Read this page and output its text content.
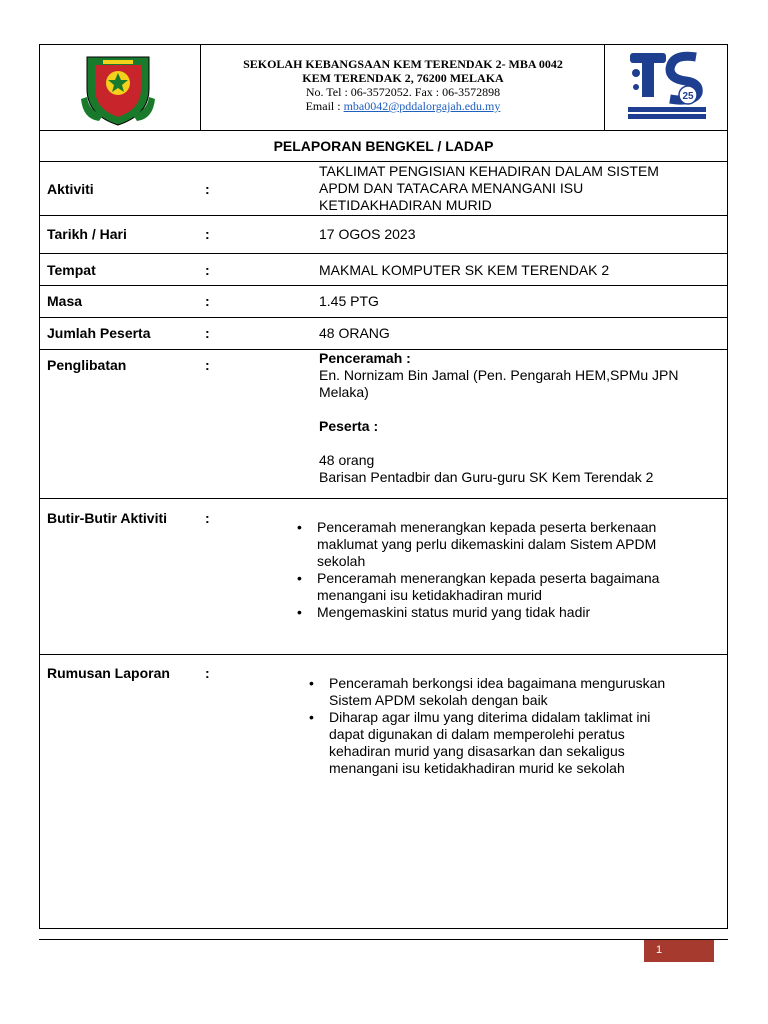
SEKOLAH KEBANGSAAN KEM TERENDAK 2- MBA 0042
KEM TERENDAK 2, 76200 MELAKA
No. Tel : 06-3572052. Fax : 06-3572898
Email : mba0042@pddalorgajah.edu.my
25
PELAPORAN BENGKEL / LADAP
Aktiviti	:
TAKLIMAT PENGISIAN KEHADIRAN DALAM SISTEM
APDM DAN TATACARA MENANGANI ISU
KETIDAKHADIRAN MURID
Tarikh / Hari	:	17 OGOS 2023
Tempat	:	MAKMAL KOMPUTER SK KEM TERENDAK 2
Masa	:	1.45 PTG
Jumlah Peserta	:	48 ORANG
Penglibatan	:	Penceramah :
En. Nornizam Bin Jamal (Pen. Pengarah HEM,SPMu JPN
Melaka)
Peserta :
48 orang
Barisan Pentadbir dan Guru-guru SK Kem Terendak 2
Butir-Butir Aktiviti	:
• Penceramah menerangkan kepada peserta berkenaan
maklumat yang perlu dikemaskini dalam Sistem APDM
sekolah
• Penceramah menerangkan kepada peserta bagaimana
menangani isu ketidakhadiran murid
• Mengemaskini status murid yang tidak hadir
Rumusan Laporan	:
• Penceramah berkongsi idea bagaimana menguruskan
Sistem APDM sekolah dengan baik
• Diharap agar ilmu yang diterima didalam taklimat ini
dapat digunakan di dalam memperolehi peratus
kehadiran murid yang disasarkan dan sekaligus
menangani isu ketidakhadiran murid ke sekolah
1
